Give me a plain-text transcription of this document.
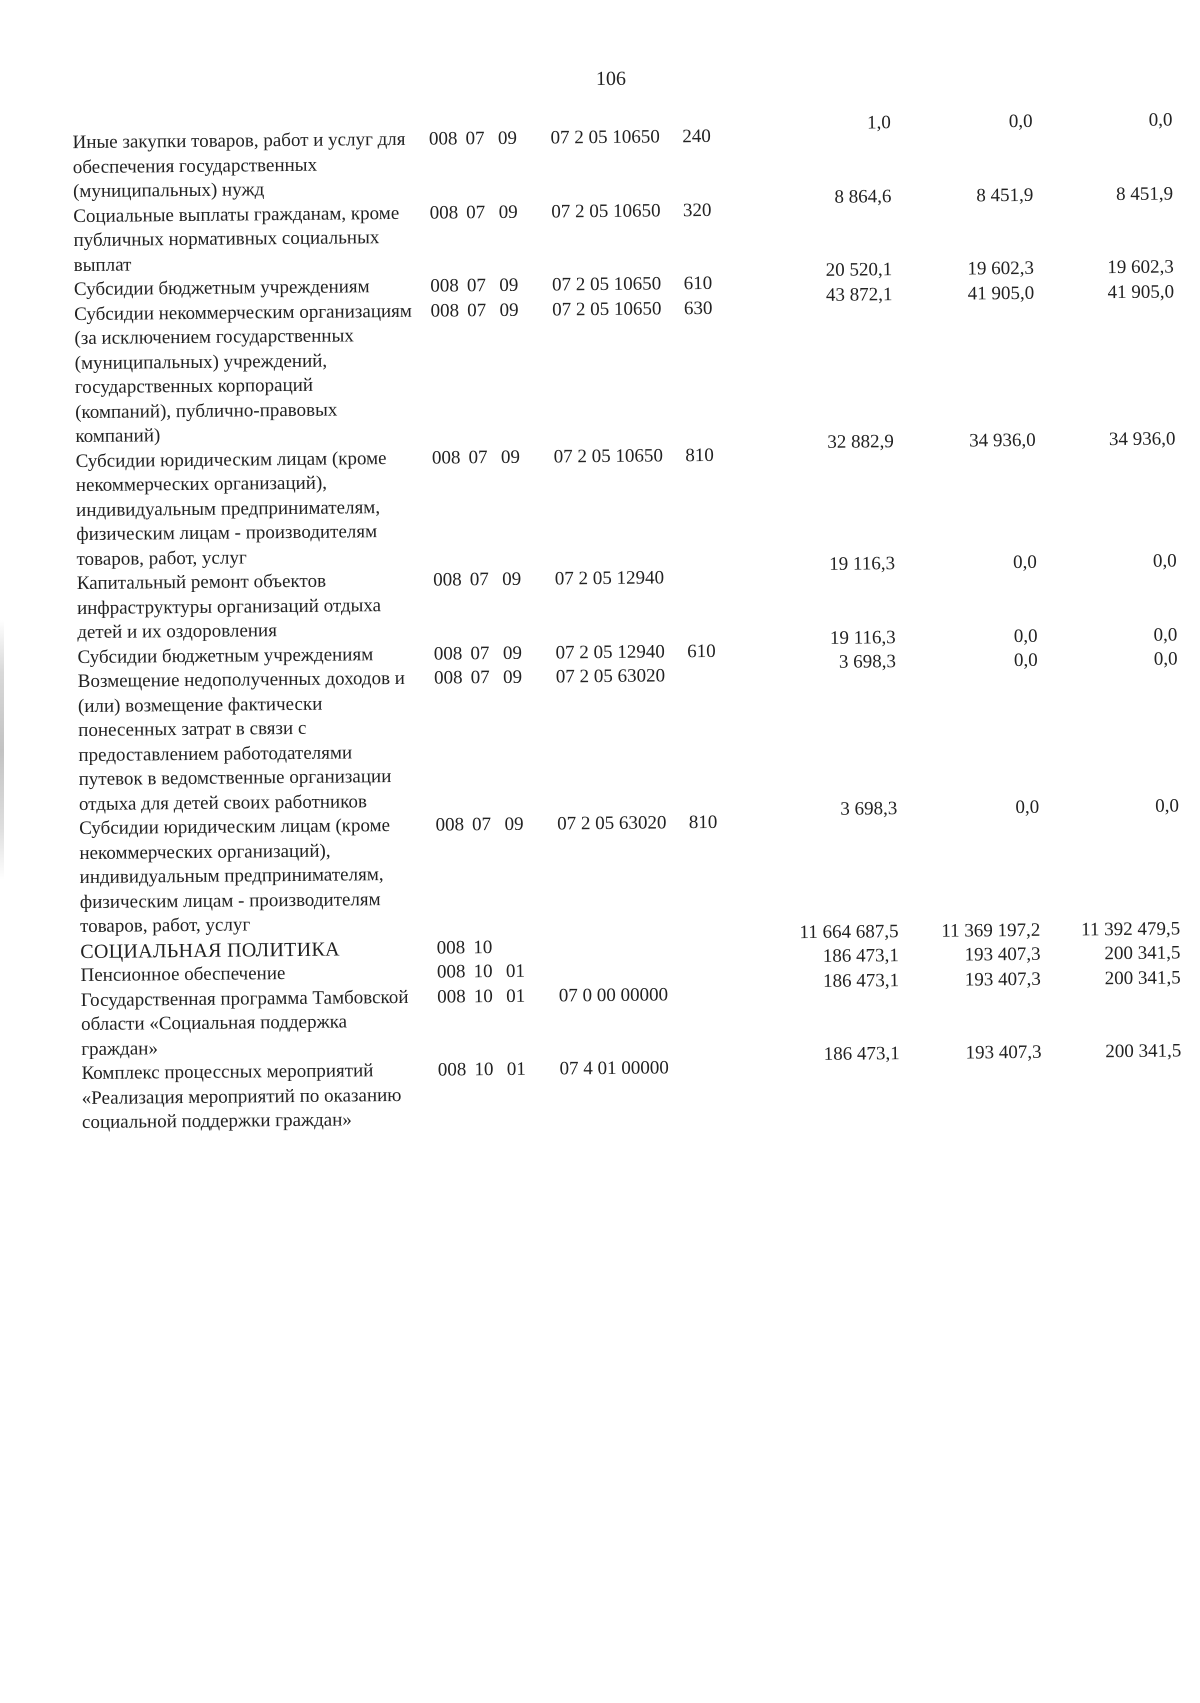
106
Иные закупки товаров, работ и услуг для обеспечения государственных (муниципальных) нужд	008	07	09	07 2 05 10650	240	1,0	0,0	0,0
Социальные выплаты гражданам, кроме публичных нормативных социальных выплат	008	07	09	07 2 05 10650	320	8 864,6	8 451,9	8 451,9
Субсидии бюджетным учреждениям	008	07	09	07 2 05 10650	610	20 520,1	19 602,3	19 602,3
Субсидии некоммерческим организациям (за исключением государственных (муниципальных) учреждений, государственных корпораций (компаний), публично-правовых компаний)	008	07	09	07 2 05 10650	630	43 872,1	41 905,0	41 905,0
Субсидии юридическим лицам (кроме некоммерческих организаций), индивидуальным предпринимателям, физическим лицам - производителям товаров, работ, услуг	008	07	09	07 2 05 10650	810	32 882,9	34 936,0	34 936,0
Капитальный ремонт объектов инфраструктуры организаций отдыха детей и их оздоровления	008	07	09	07 2 05 12940		19 116,3	0,0	0,0
Субсидии бюджетным учреждениям	008	07	09	07 2 05 12940	610	19 116,3	0,0	0,0
Возмещение недополученных доходов и (или) возмещение фактически понесенных затрат в связи с предоставлением работодателями путевок в ведомственные организации отдыха для детей своих работников	008	07	09	07 2 05 63020		3 698,3	0,0	0,0
Субсидии юридическим лицам (кроме некоммерческих организаций), индивидуальным предпринимателям, физическим лицам - производителям товаров, работ, услуг	008	07	09	07 2 05 63020	810	3 698,3	0,0	0,0
СОЦИАЛЬНАЯ ПОЛИТИКА	008	10				11 664 687,5	11 369 197,2	11 392 479,5
Пенсионное обеспечение	008	10	01			186 473,1	193 407,3	200 341,5
Государственная программа Тамбовской области «Социальная поддержка граждан»	008	10	01	07 0 00 00000		186 473,1	193 407,3	200 341,5
Комплекс процессных мероприятий «Реализация мероприятий по оказанию социальной поддержки граждан»	008	10	01	07 4 01 00000		186 473,1	193 407,3	200 341,5
